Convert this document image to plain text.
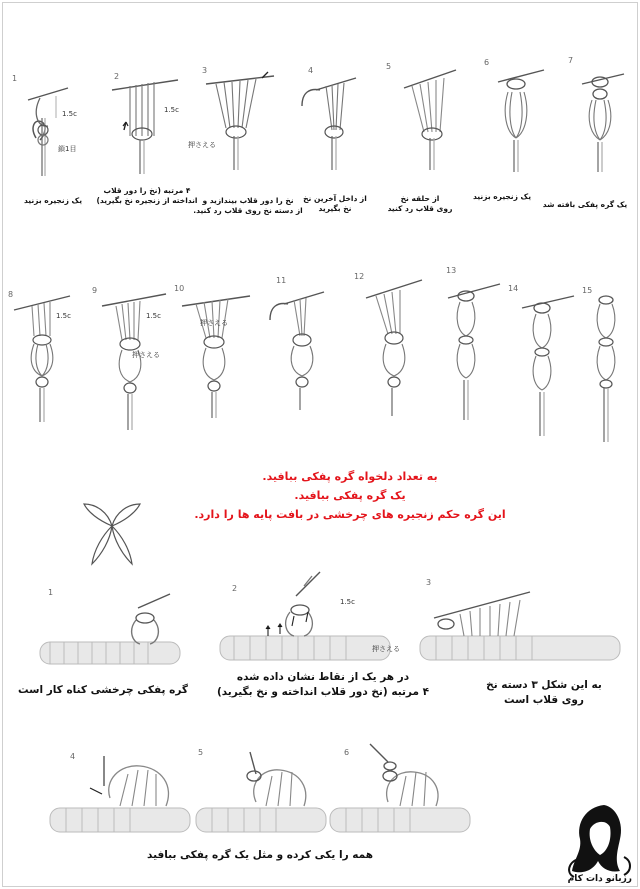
1
1.5c
鎖1目
2
1.5c
3
押さえる
4	5	6	7
یک زنجیره بزنید
۴ مرتبه (نخ را دور قلاب
انداخته از زنجیره نخ بگیرید) نخ را دور قلاب بیندازید و
از دسته نخ روی قلاب رد کنید.
از داخل آخرین نخ
نخ بگیرید
از حلقه نخ
روی قلاب رد کنید
یک زنجیره بزنید
یک گره پفکی بافته شد
8
1.5c
9
1.5c
押さえる
10
押さえる
11	12
13
14	15
به تعداد دلخواه گره پفکی ببافید.
یک گره پفکی ببافید.
این گره حکم زنجیره های چرخشی در بافت پایه ها را دارد.
1
گره پفکی چرخشی کناه کار است
2
1.5c
در هر یک از نقاط نشان داده شده
۴ مرتبه (نخ دور قلاب انداخته و نخ بگیرید)
3
押さえる
به این شکل ۳ دسته نخ
روی قلاب است
4	5	6
همه را یکی کرده و مثل یک گره پفکی ببافید
رزبانو دات کام
